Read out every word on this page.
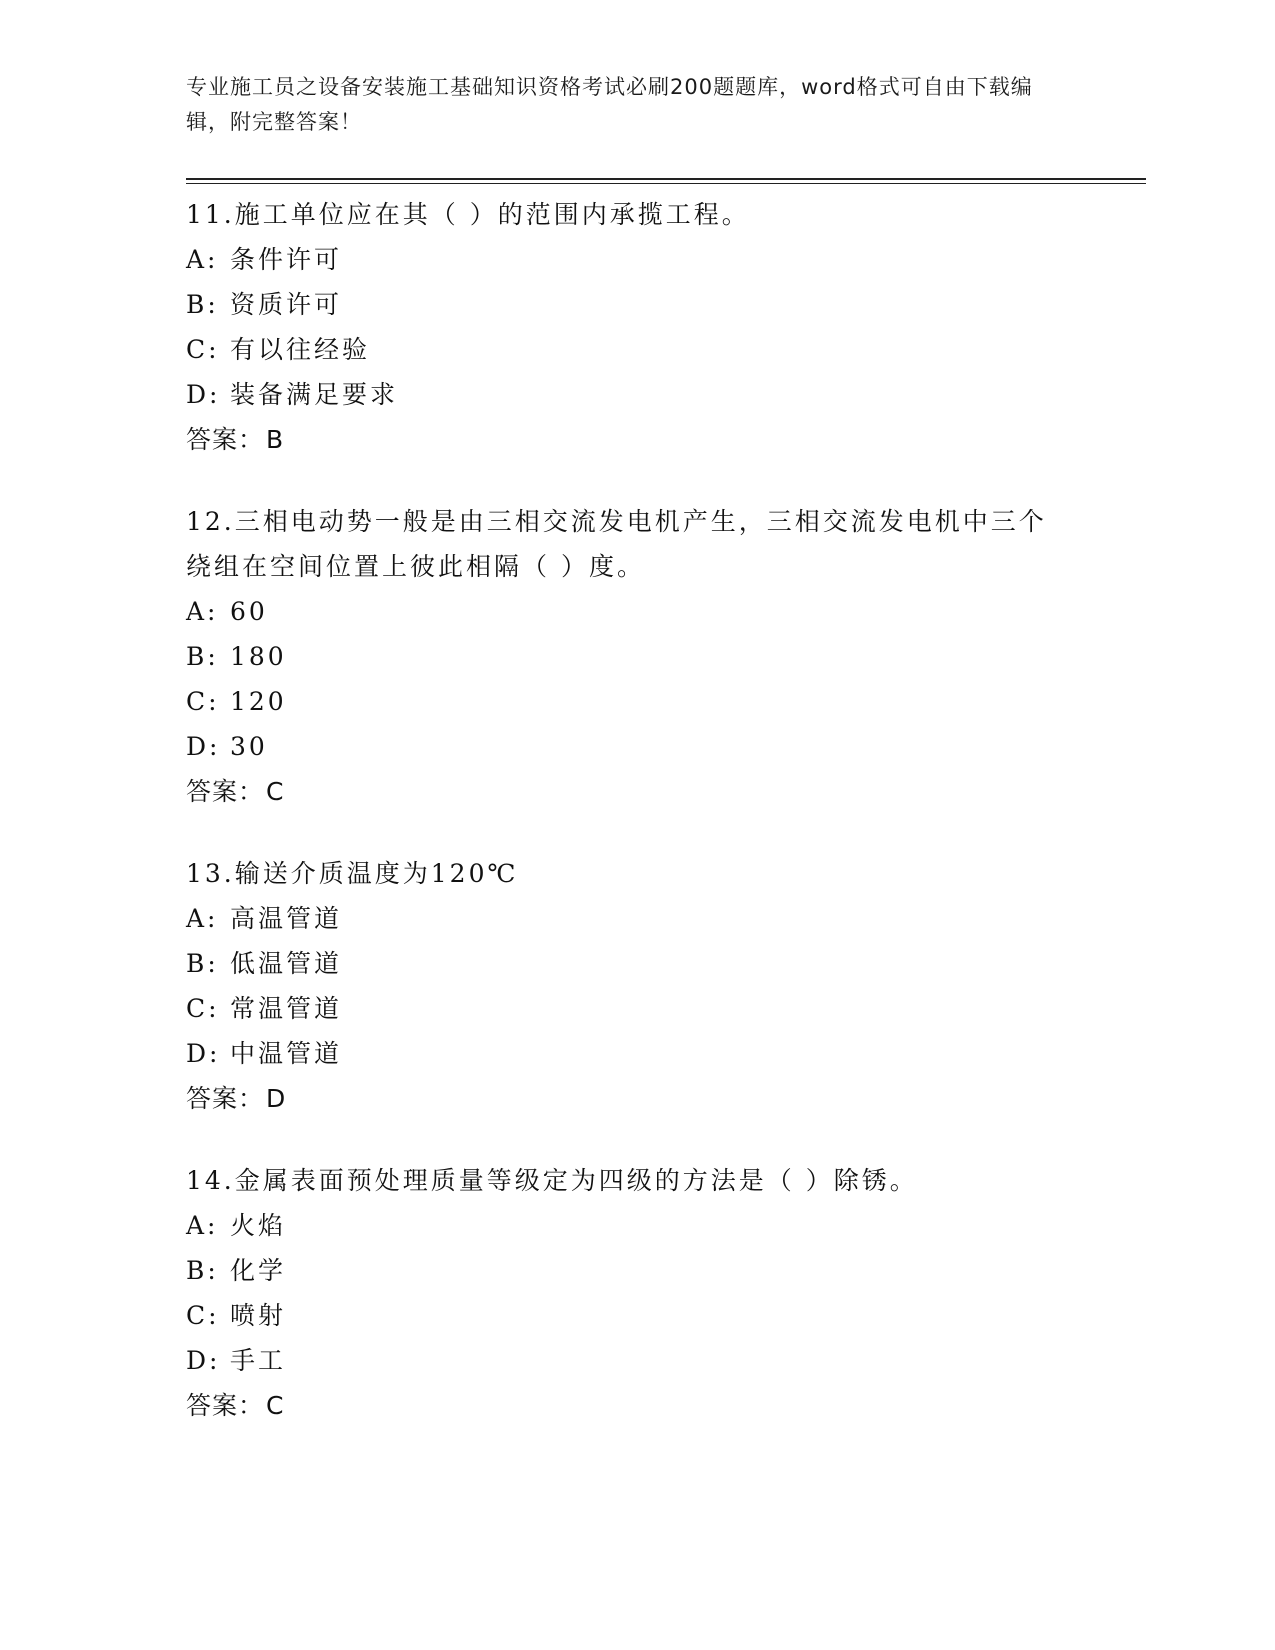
专业施工员之设备安装施工基础知识资格考试必刷200题题库，word格式可自由下载编辑，附完整答案！
11.施工单位应在其（ ）的范围内承揽工程。
A: 条件许可
B: 资质许可
C: 有以往经验
D: 装备满足要求
答案：B
12.三相电动势一般是由三相交流发电机产生，三相交流发电机中三个绕组在空间位置上彼此相隔（ ）度。
A: 60
B: 180
C: 120
D: 30
答案：C
13.输送介质温度为120℃
A: 高温管道
B: 低温管道
C: 常温管道
D: 中温管道
答案：D
14.金属表面预处理质量等级定为四级的方法是（ ）除锈。
A: 火焰
B: 化学
C: 喷射
D: 手工
答案：C
